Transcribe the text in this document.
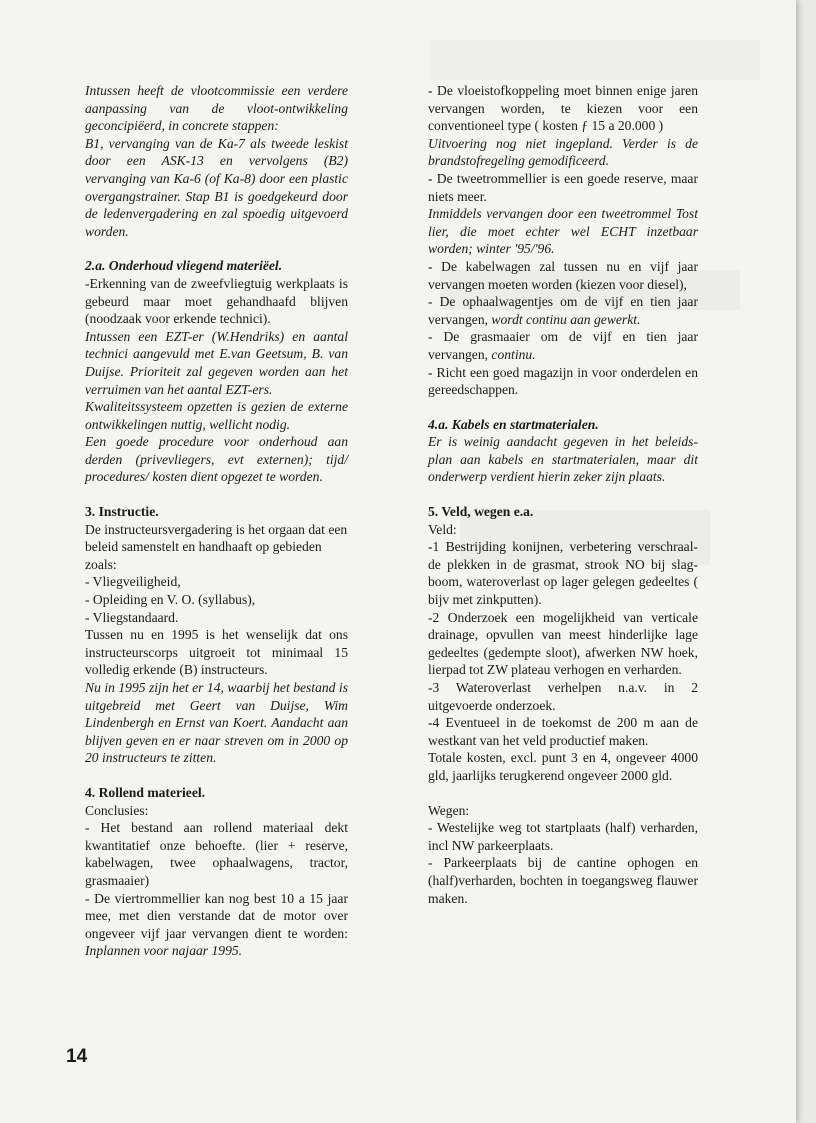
Intussen heeft de vlootcommissie een verdere aanpassing van de vloot-ontwikkeling geconcipiëerd, in concrete stappen:

B1, vervanging van de Ka-7 als tweede leskist door een ASK-13 en vervolgens (B2) vervanging van Ka-6 (of Ka-8) door een plastic overgangstrainer. Stap B1 is goedgekeurd door de ledenvergadering en zal spoedig uitgevoerd worden.

2.a. Onderhoud vliegend materiëel.

-Erkenning van de zweefvliegtuig werkplaats is gebeurd maar moet gehandhaafd blijven (noodzaak voor erkende technici).

Intussen een EZT-er (W.Hendriks) en aantal technici aangevuld met E.van Geetsum, B. van Duijse. Prioriteit zal gegeven worden aan het verruimen van het aantal EZT-ers.

Kwaliteitssysteem opzetten is gezien de externe ontwikkelingen nuttig, wellicht nodig.

Een goede procedure voor onderhoud aan derden (privevliegers, evt externen); tijd/ procedures/ kosten dient opgezet te worden.

3. Instructie.

De instructeursvergadering is het orgaan dat een beleid samenstelt en handhaaft op gebieden zoals:

- Vliegveiligheid,

- Opleiding en V. O. (syllabus),

- Vliegstandaard.

Tussen nu en 1995 is het wenselijk dat ons instructeurscorps uitgroeit tot minimaal 15 volledig erkende (B) instructeurs.

Nu in 1995 zijn het er 14, waarbij het bestand is uitgebreid met Geert van Duijse, Wim Lindenbergh en Ernst van Koert. Aandacht aan blijven geven en er naar streven om in 2000 op 20 instructeurs te zitten.

4. Rollend materieel.

Conclusies:

- Het bestand aan rollend materiaal dekt kwantitatief onze behoefte. (lier + reserve, kabelwagen, twee ophaalwagens, tractor, grasmaaier)

- De viertrommellier kan nog best 10 a 15 jaar mee, met dien verstande dat de motor over ongeveer vijf jaar vervangen dient te worden: Inplannen voor najaar 1995.

- De vloeistofkoppeling moet binnen enige jaren vervangen worden, te kiezen voor een conventioneel type ( kosten ƒ 15 a 20.000 )

Uitvoering nog niet ingepland. Verder is de brandstofregeling gemodificeerd.

- De tweetrommellier is een goede reserve, maar niets meer.

Inmiddels vervangen door een tweetrommel Tost lier, die moet echter wel ECHT inzetbaar worden; winter '95/'96.

- De kabelwagen zal tussen nu en vijf jaar vervangen moeten worden (kiezen voor diesel),

- De ophaalwagentjes om de vijf en tien jaar vervangen, wordt continu aan gewerkt.

- De grasmaaier om de vijf en tien jaar vervangen, continu.

- Richt een goed magazijn in voor onderdelen en gereedschappen.

4.a. Kabels en startmaterialen.

Er is weinig aandacht gegeven in het beleids-plan aan kabels en startmaterialen, maar dit onderwerp verdient hierin zeker zijn plaats.

5. Veld, wegen e.a.

Veld:

-1 Bestrijding konijnen, verbetering verschraal-de plekken in de grasmat, strook NO bij slag-boom, wateroverlast op lager gelegen gedeeltes ( bijv met zinkputten).

-2 Onderzoek een mogelijkheid van verticale drainage, opvullen van meest hinderlijke lage gedeeltes (gedempte sloot), afwerken NW hoek, lierpad tot ZW plateau verhogen en verharden.

-3 Wateroverlast verhelpen n.a.v. in 2 uitgevoerde onderzoek.

-4 Eventueel in de toekomst de 200 m aan de westkant van het veld productief maken.

Totale kosten, excl. punt 3 en 4, ongeveer 4000 gld, jaarlijks terugkerend ongeveer 2000 gld.

Wegen:

- Westelijke weg tot startplaats (half) verharden, incl NW parkeerplaats.

- Parkeerplaats bij de cantine ophogen en (half)verharden, bochten in toegangsweg flauwer maken.

14
